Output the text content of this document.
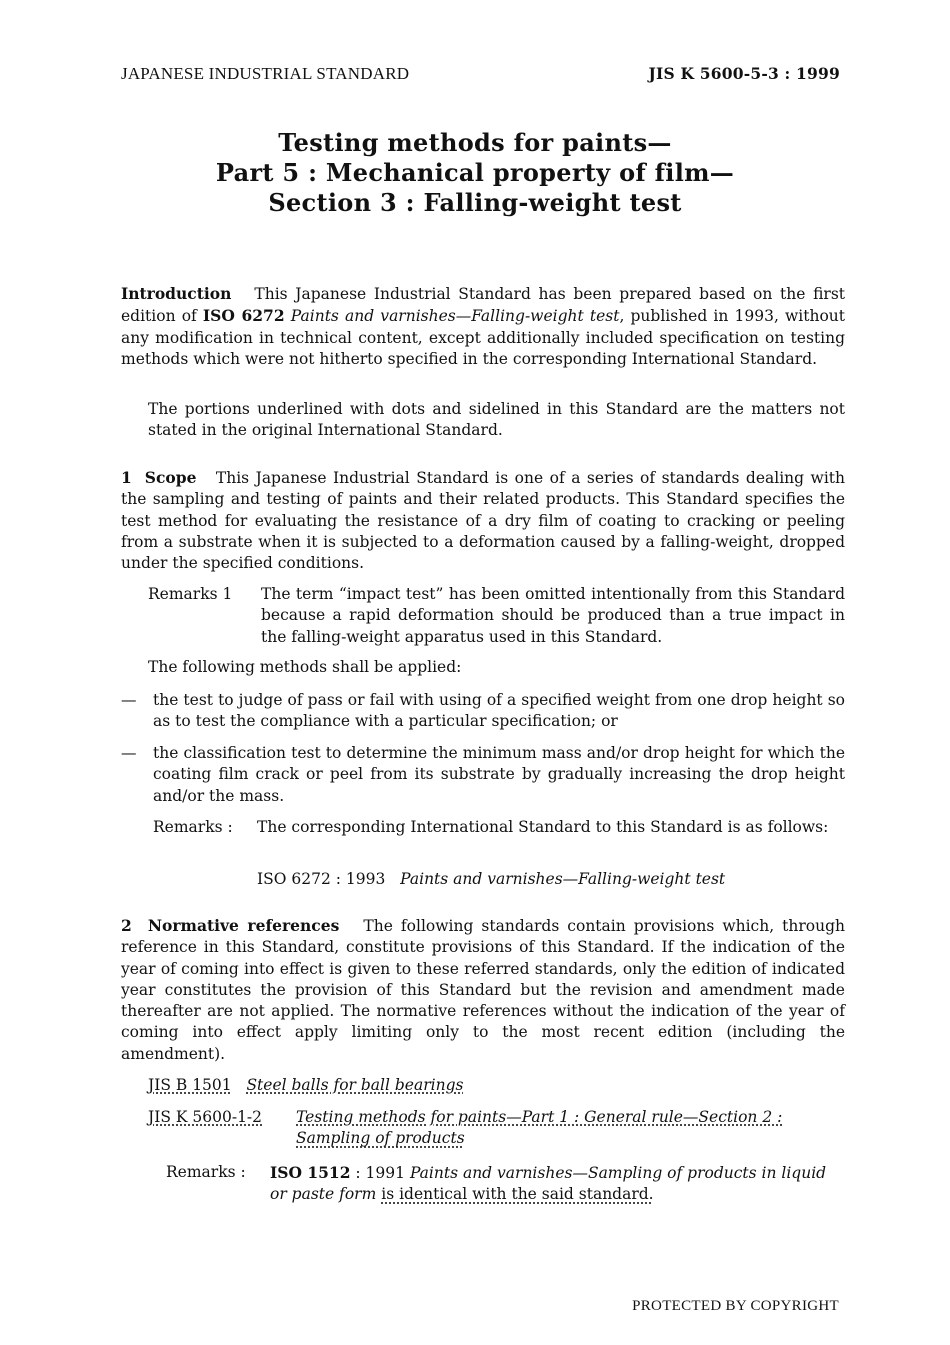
JAPANESE INDUSTRIAL STANDARD	JIS K 5600-5-3 : 1999
Testing methods for paints—
Part 5 : Mechanical property of film—
Section 3 : Falling-weight test

Introduction This Japanese Industrial Standard has been prepared based on the first edition of ISO 6272 Paints and varnishes—Falling-weight test, published in 1993, without any modification in technical content, except additionally included specification on testing methods which were not hitherto specified in the corresponding International Standard.

The portions underlined with dots and sidelined in this Standard are the matters not stated in the original International Standard.

1 Scope This Japanese Industrial Standard is one of a series of standards dealing with the sampling and testing of paints and their related products. This Standard specifies the test method for evaluating the resistance of a dry film of coating to cracking or peeling from a substrate when it is subjected to a deformation caused by a falling-weight, dropped under the specified conditions.

Remarks 1 The term “impact test” has been omitted intentionally from this Standard because a rapid deformation should be produced than a true impact in the falling-weight apparatus used in this Standard.

The following methods shall be applied:

— the test to judge of pass or fail with using of a specified weight from one drop height so as to test the compliance with a particular specification; or

— the classification test to determine the minimum mass and/or drop height for which the coating film crack or peel from its substrate by gradually increasing the drop height and/or the mass.

Remarks : The corresponding International Standard to this Standard is as follows:
ISO 6272 : 1993 Paints and varnishes—Falling-weight test

2 Normative references The following standards contain provisions which, through reference in this Standard, constitute provisions of this Standard. If the indication of the year of coming into effect is given to these referred standards, only the edition of indicated year constitutes the provision of this Standard but the revision and amendment made thereafter are not applied. The normative references without the indication of the year of coming into effect apply limiting only to the most recent edition (including the amendment).

JIS B 1501 Steel balls for ball bearings
JIS K 5600-1-2 Testing methods for paints—Part 1 : General rule—Section 2 :
Sampling of products
Remarks : ISO 1512 : 1991 Paints and varnishes—Sampling of products in liquid or paste form is identical with the said standard.
PROTECTED BY COPYRIGHT
